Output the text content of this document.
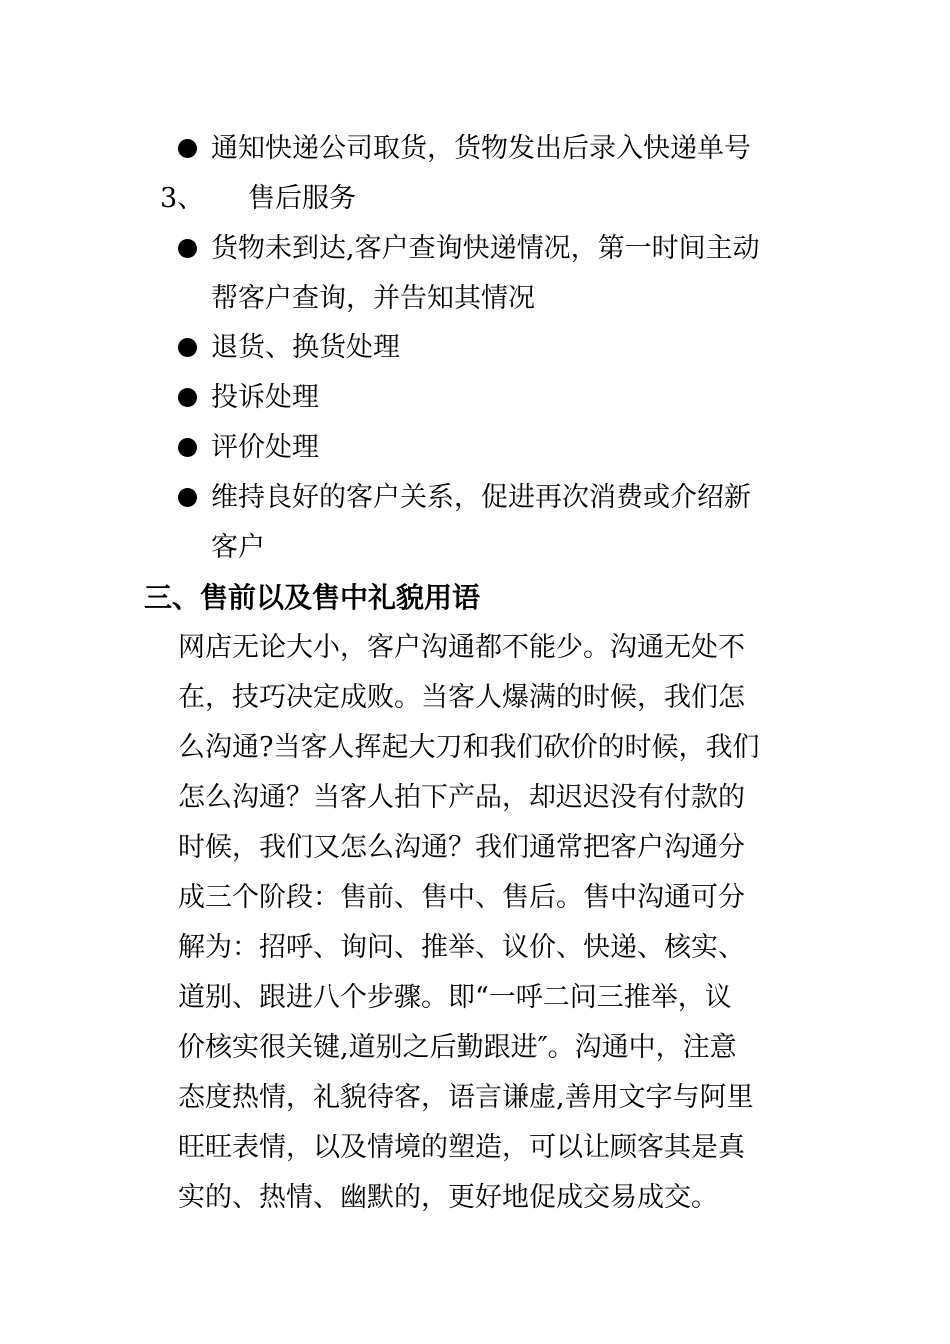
通知快递公司取货，货物发出后录入快递单号
3、 售后服务
货物未到达,客户查询快递情况，第一时间主动
帮客户查询，并告知其情况
退货、换货处理
投诉处理
评价处理
维持良好的客户关系，促进再次消费或介绍新
客户
三、售前以及售中礼貌用语
网店无论大小，客户沟通都不能少。沟通无处不
在，技巧决定成败。当客人爆满的时候，我们怎
么沟通?当客人挥起大刀和我们砍价的时候，我们
怎么沟通？当客人拍下产品，却迟迟没有付款的
时候，我们又怎么沟通？我们通常把客户沟通分
成三个阶段：售前、售中、售后。售中沟通可分
解为：招呼、询问、推举、议价、快递、核实、
道别、跟进八个步骤。即“一呼二问三推举，议
价核实很关键,道别之后勤跟进″。沟通中，注意
态度热情，礼貌待客，语言谦虚,善用文字与阿里
旺旺表情，以及情境的塑造，可以让顾客其是真
实的、热情、幽默的，更好地促成交易成交。
